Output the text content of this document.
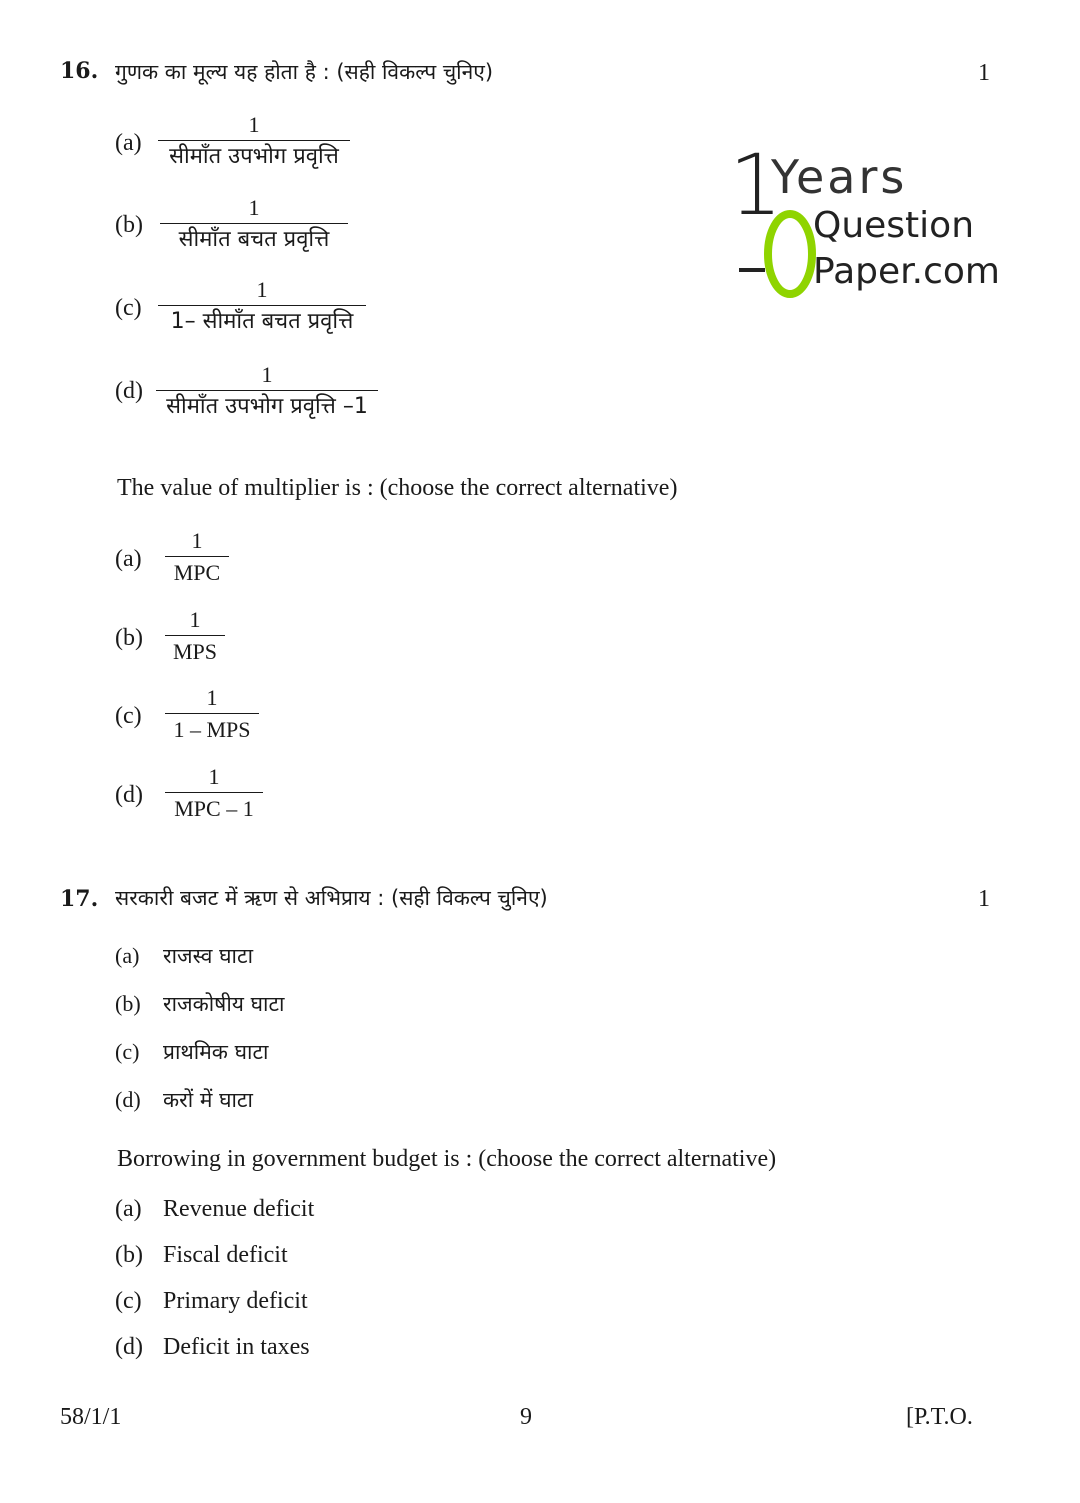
16. गुणक का मूल्य यह होता है : (सही विकल्प चुनिए)	1
(a)
1
सीमाँत उपभोग प्रवृत्ति
(b)
1
सीमाँत बचत प्रवृत्ति
(c)
1
1– सीमाँत बचत प्रवृत्ति
(d)
1
सीमाँत उपभोग प्रवृत्ति –1
1
Years
Question
Paper.com
The value of multiplier is : (choose the correct alternative)
(a)
1
MPC
(b)
1
MPS
(c)
1
1 – MPS
(d)
1
MPC – 1
17. सरकारी बजट में ऋण से अभिप्राय : (सही विकल्प चुनिए)	1
(a) राजस्व घाटा
(b) राजकोषीय घाटा
(c) प्राथमिक घाटा
(d) करों में घाटा
Borrowing in government budget is : (choose the correct alternative)
(a) Revenue deficit
(b) Fiscal deficit
(c) Primary deficit
(d) Deficit in taxes
58/1/1	9	[P.T.O.
